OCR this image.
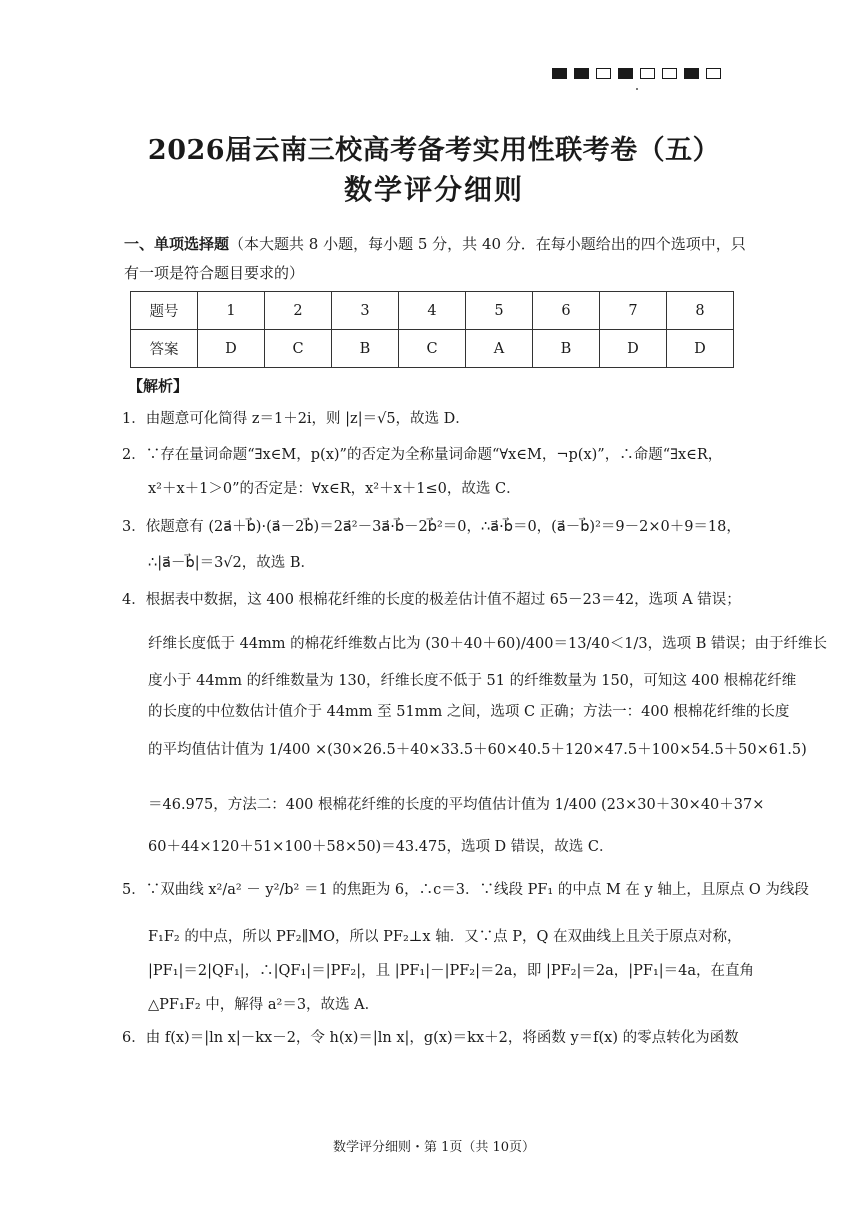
2026届云南三校高考备考实用性联考卷（五）
数学评分细则
一、单项选择题（本大题共 8 小题，每小题 5 分，共 40 分．在每小题给出的四个选项中，只
有一项是符合题目要求的）
题号	1	2	3	4	5	6	7	8
答案	D	C	B	C	A	B	D	D
【解析】
1．由题意可化简得 z＝1＋2i，则 |z|＝√5，故选 D．
2．∵存在量词命题“∃x∈M，p(x)”的否定为全称量词命题“∀x∈M，¬p(x)”，∴命题“∃x∈R，
x²＋x＋1＞0”的否定是：∀x∈R，x²＋x＋1≤0，故选 C．
3．依题意有 (2a⃗＋b⃗)·(a⃗－2b⃗)＝2a⃗²－3a⃗·b⃗－2b⃗²＝0，∴a⃗·b⃗＝0，(a⃗－b⃗)²＝9－2×0＋9＝18，
∴|a⃗－b⃗|＝3√2，故选 B．
4．根据表中数据，这 400 根棉花纤维的长度的极差估计值不超过 65－23＝42，选项 A 错误；
纤维长度低于 44mm 的棉花纤维数占比为 (30＋40＋60)/400＝13/40＜1/3，选项 B 错误；由于纤维长
度小于 44mm 的纤维数量为 130，纤维长度不低于 51 的纤维数量为 150，可知这 400 根棉花纤维
的长度的中位数估计值介于 44mm 至 51mm 之间，选项 C 正确；方法一：400 根棉花纤维的长度
的平均值估计值为 1/400 ×(30×26.5＋40×33.5＋60×40.5＋120×47.5＋100×54.5＋50×61.5)
＝46.975，方法二：400 根棉花纤维的长度的平均值估计值为 1/400 (23×30＋30×40＋37×
60＋44×120＋51×100＋58×50)＝43.475，选项 D 错误，故选 C．
5．∵双曲线 x²/a² － y²/b² ＝1 的焦距为 6，∴c＝3．∵线段 PF₁ 的中点 M 在 y 轴上，且原点 O 为线段
F₁F₂ 的中点，所以 PF₂∥MO，所以 PF₂⊥x 轴．又∵点 P，Q 在双曲线上且关于原点对称，
|PF₁|＝2|QF₁|，∴|QF₁|＝|PF₂|，且 |PF₁|－|PF₂|＝2a，即 |PF₂|＝2a，|PF₁|＝4a，在直角
△PF₁F₂ 中，解得 a²＝3，故选 A．
6．由 f(x)＝|ln x|－kx－2，令 h(x)＝|ln x|，g(x)＝kx＋2，将函数 y＝f(x) 的零点转化为函数
数学评分细则・第 1页（共 10页）
